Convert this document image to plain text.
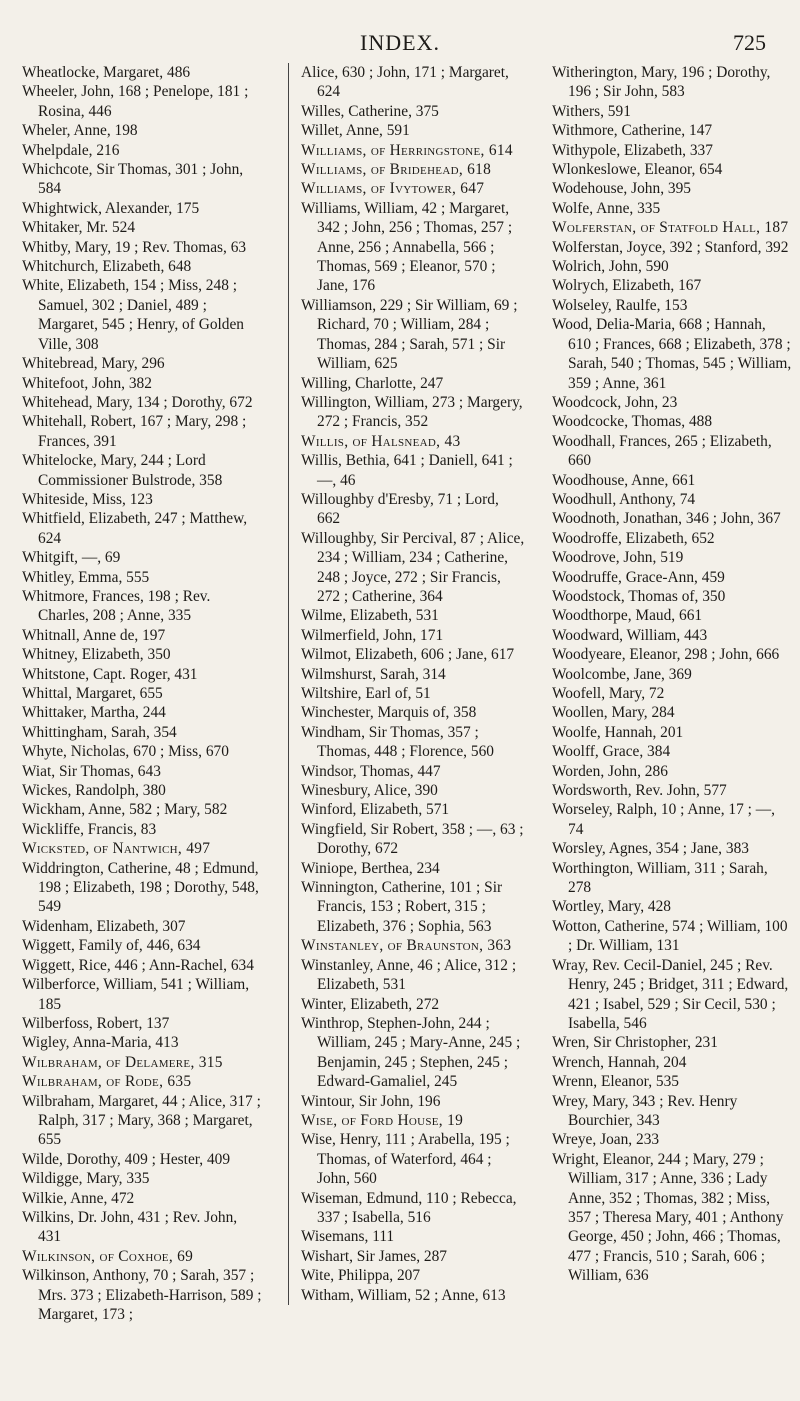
INDEX.	725
Wheatlocke, Margaret, 486
Wheeler, John, 168 ; Penelope, 181 ; Rosina, 446
Wheler, Anne, 198
Whelpdale, 216
Whichcote, Sir Thomas, 301 ; John, 584
Whightwick, Alexander, 175
Whitaker, Mr. 524
Whitby, Mary, 19 ; Rev. Thomas, 63
Whitchurch, Elizabeth, 648
White, Elizabeth, 154 ; Miss, 248 ; Samuel, 302 ; Daniel, 489 ; Margaret, 545 ; Henry, of Golden Ville, 308
Whitebread, Mary, 296
Whitefoot, John, 382
Whitehead, Mary, 134 ; Dorothy, 672
Whitehall, Robert, 167 ; Mary, 298 ; Frances, 391
Whitelocke, Mary, 244 ; Lord Commissioner Bulstrode, 358
Whiteside, Miss, 123
Whitfield, Elizabeth, 247 ; Matthew, 624
Whitgift, —, 69
Whitley, Emma, 555
Whitmore, Frances, 198 ; Rev. Charles, 208 ; Anne, 335
Whitnall, Anne de, 197
Whitney, Elizabeth, 350
Whitstone, Capt. Roger, 431
Whittal, Margaret, 655
Whittaker, Martha, 244
Whittingham, Sarah, 354
Whyte, Nicholas, 670 ; Miss, 670
Wiat, Sir Thomas, 643
Wickes, Randolph, 380
Wickham, Anne, 582 ; Mary, 582
Wickliffe, Francis, 83
Wicksted, of Nantwich, 497
Widdrington, Catherine, 48 ; Edmund, 198 ; Elizabeth, 198 ; Dorothy, 548, 549
Widenham, Elizabeth, 307
Wiggett, Family of, 446, 634
Wiggett, Rice, 446 ; Ann-Rachel, 634
Wilberforce, William, 541 ; William, 185
Wilberfoss, Robert, 137
Wigley, Anna-Maria, 413
Wilbraham, of Delamere, 315
Wilbraham, of Rode, 635
Wilbraham, Margaret, 44 ; Alice, 317 ; Ralph, 317 ; Mary, 368 ; Margaret, 655
Wilde, Dorothy, 409 ; Hester, 409
Wildigge, Mary, 335
Wilkie, Anne, 472
Wilkins, Dr. John, 431 ; Rev. John, 431
Wilkinson, of Coxhoe, 69
Wilkinson, Anthony, 70 ; Sarah, 357 ; Mrs. 373 ; Elizabeth-Harrison, 589 ; Margaret, 173 ;
Alice, 630 ; John, 171 ; Margaret, 624
Willes, Catherine, 375
Willet, Anne, 591
Williams, of Herringstone, 614
Williams, of Bridehead, 618
Williams, of Ivytower, 647
Williams, William, 42 ; Margaret, 342 ; John, 256 ; Thomas, 257 ; Anne, 256 ; Annabella, 566 ; Thomas, 569 ; Eleanor, 570 ; Jane, 176
Williamson, 229 ; Sir William, 69 ; Richard, 70 ; William, 284 ; Thomas, 284 ; Sarah, 571 ; Sir William, 625
Willing, Charlotte, 247
Willington, William, 273 ; Margery, 272 ; Francis, 352
Willis, of Halsnead, 43
Willis, Bethia, 641 ; Daniell, 641 ; —, 46
Willoughby d'Eresby, 71 ; Lord, 662
Willoughby, Sir Percival, 87 ; Alice, 234 ; William, 234 ; Catherine, 248 ; Joyce, 272 ; Sir Francis, 272 ; Catherine, 364
Wilme, Elizabeth, 531
Wilmerfield, John, 171
Wilmot, Elizabeth, 606 ; Jane, 617
Wilmshurst, Sarah, 314
Wiltshire, Earl of, 51
Winchester, Marquis of, 358
Windham, Sir Thomas, 357 ; Thomas, 448 ; Florence, 560
Windsor, Thomas, 447
Winesbury, Alice, 390
Winford, Elizabeth, 571
Wingfield, Sir Robert, 358 ; —, 63 ; Dorothy, 672
Winiope, Berthea, 234
Winnington, Catherine, 101 ; Sir Francis, 153 ; Robert, 315 ; Elizabeth, 376 ; Sophia, 563
Winstanley, of Braunston, 363
Winstanley, Anne, 46 ; Alice, 312 ; Elizabeth, 531
Winter, Elizabeth, 272
Winthrop, Stephen-John, 244 ; William, 245 ; Mary-Anne, 245 ; Benjamin, 245 ; Stephen, 245 ; Edward-Gamaliel, 245
Wintour, Sir John, 196
Wise, of Ford House, 19
Wise, Henry, 111 ; Arabella, 195 ; Thomas, of Waterford, 464 ; John, 560
Wiseman, Edmund, 110 ; Rebecca, 337 ; Isabella, 516
Wisemans, 111
Wishart, Sir James, 287
Wite, Philippa, 207
Witham, William, 52 ; Anne, 613
Witherington, Mary, 196 ; Dorothy, 196 ; Sir John, 583
Withers, 591
Withmore, Catherine, 147
Withypole, Elizabeth, 337
Wlonkeslowe, Eleanor, 654
Wodehouse, John, 395
Wolfe, Anne, 335
Wolferstan, of Statfold Hall, 187
Wolferstan, Joyce, 392 ; Stanford, 392
Wolrich, John, 590
Wolrych, Elizabeth, 167
Wolseley, Raulfe, 153
Wood, Delia-Maria, 668 ; Hannah, 610 ; Frances, 668 ; Elizabeth, 378 ; Sarah, 540 ; Thomas, 545 ; William, 359 ; Anne, 361
Woodcock, John, 23
Woodcocke, Thomas, 488
Woodhall, Frances, 265 ; Elizabeth, 660
Woodhouse, Anne, 661
Woodhull, Anthony, 74
Woodnoth, Jonathan, 346 ; John, 367
Woodroffe, Elizabeth, 652
Woodrove, John, 519
Woodruffe, Grace-Ann, 459
Woodstock, Thomas of, 350
Woodthorpe, Maud, 661
Woodward, William, 443
Woodyeare, Eleanor, 298 ; John, 666
Woolcombe, Jane, 369
Woofell, Mary, 72
Woollen, Mary, 284
Woolfe, Hannah, 201
Woolff, Grace, 384
Worden, John, 286
Wordsworth, Rev. John, 577
Worseley, Ralph, 10 ; Anne, 17 ; —, 74
Worsley, Agnes, 354 ; Jane, 383
Worthington, William, 311 ; Sarah, 278
Wortley, Mary, 428
Wotton, Catherine, 574 ; William, 100 ; Dr. William, 131
Wray, Rev. Cecil-Daniel, 245 ; Rev. Henry, 245 ; Bridget, 311 ; Edward, 421 ; Isabel, 529 ; Sir Cecil, 530 ; Isabella, 546
Wren, Sir Christopher, 231
Wrench, Hannah, 204
Wrenn, Eleanor, 535
Wrey, Mary, 343 ; Rev. Henry Bourchier, 343
Wreye, Joan, 233
Wright, Eleanor, 244 ; Mary, 279 ; William, 317 ; Anne, 336 ; Lady Anne, 352 ; Thomas, 382 ; Miss, 357 ; Theresa Mary, 401 ; Anthony George, 450 ; John, 466 ; Thomas, 477 ; Francis, 510 ; Sarah, 606 ; William, 636
